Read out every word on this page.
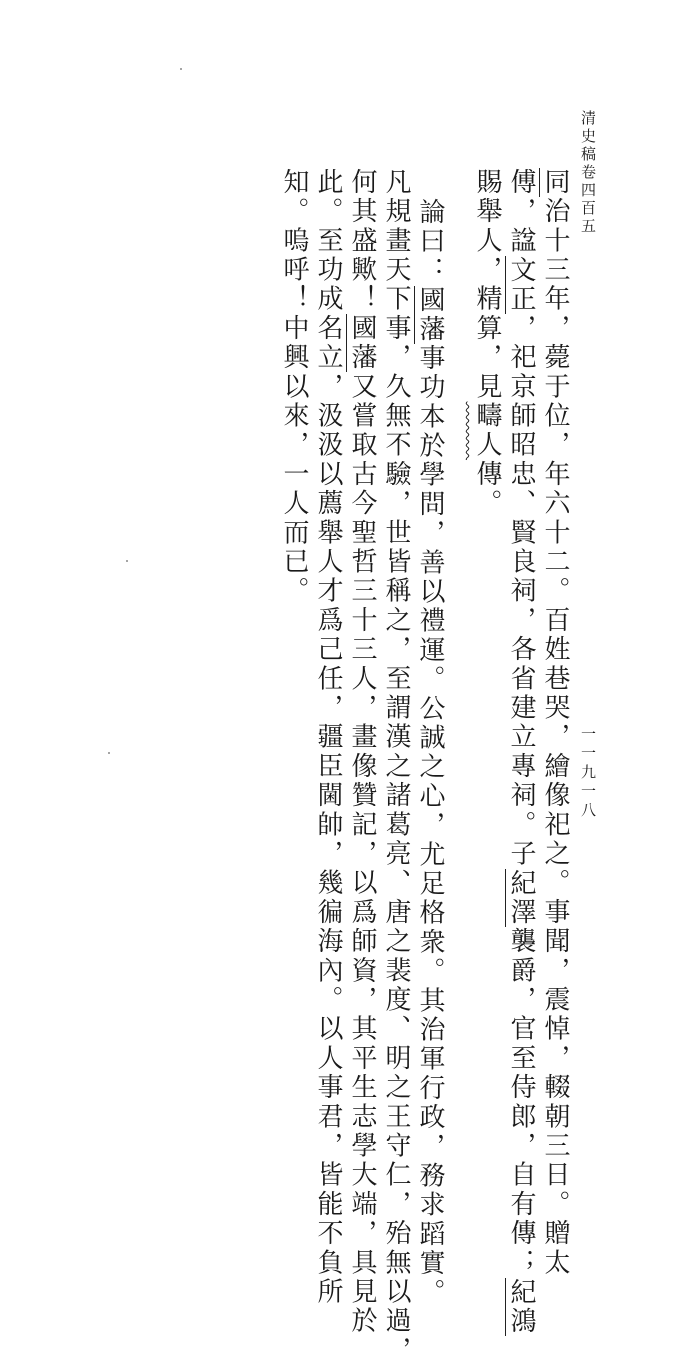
清史稿卷四百五
一一九一八

同治十三年，薨于位，年六十二。百姓巷哭，繪像祀之。事聞，震悼，輟朝三日。贈太

傅，諡文正，祀京師昭忠、賢良祠，各省建立專祠。子紀澤襲爵，官至侍郎，自有傳；紀鴻

賜舉人，精算，見疇人傳。

論曰：國藩事功本於學問，善以禮運。公誠之心，尤足格衆。其治軍行政，務求蹈實。

凡規畫天下事，久無不驗，世皆稱之，至謂漢之諸葛亮、唐之裴度、明之王守仁，殆無以過，

何其盛歟！國藩又嘗取古今聖哲三十三人，畫像贊記，以爲師資，其平生志學大端，具見於

此。至功成名立，汲汲以薦舉人才爲己任，疆臣閫帥，幾徧海內。以人事君，皆能不負所

知。嗚呼！中興以來，一人而已。
